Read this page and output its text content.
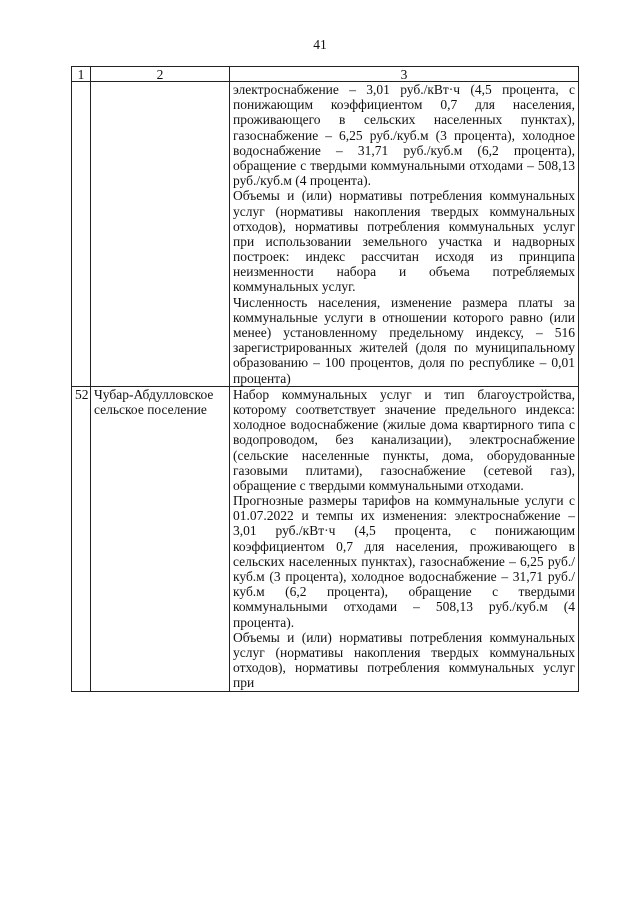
41
1	2	3

		электроснабжение – 3,01 руб./кВт·ч (4,5 процента, с понижающим коэффициентом 0,7 для населения, проживающего в сельских населенных пунктах), газоснабжение – 6,25 руб./куб.м (3 процента), холодное водоснабжение – 31,71 руб./куб.м (6,2 процента), обращение с твердыми коммунальными отходами – 508,13 руб./куб.м (4 процента).

Объемы и (или) нормативы потребления коммунальных услуг (нормативы накопления твердых коммунальных отходов), нормативы потребления коммунальных услуг при использовании земельного участка и надворных построек: индекс рассчитан исходя из принципа неизменности набора и объема потребляемых коммунальных услуг.

Численность населения, изменение размера платы за коммунальные услуги в отношении которого равно (или менее) установленному предельному индексу, – 516 зарегистрированных жителей (доля по муниципальному образованию – 100 процентов, доля по республике – 0,01 процента)

52	Чубар-Абдулловское сельское поселение	Набор коммунальных услуг и тип благоустройства, которому соответствует значение предельного индекса: холодное водоснабжение (жилые дома квартирного типа с водопроводом, без канализации), электроснабжение (сельские населенные пункты, дома, оборудованные газовыми плитами), газоснабжение (сетевой газ), обращение с твердыми коммунальными отходами.

Прогнозные размеры тарифов на коммунальные услуги с 01.07.2022 и темпы их изменения: электроснабжение – 3,01 руб./кВт·ч (4,5 процента, с понижающим коэффициентом 0,7 для населения, проживающего в сельских населенных пунктах), газоснабжение – 6,25 руб./куб.м (3 процента), холодное водоснабжение – 31,71 руб./куб.м (6,2 процента), обращение с твердыми коммунальными отходами – 508,13 руб./куб.м (4 процента).

Объемы и (или) нормативы потребления коммунальных услуг (нормативы накопления твердых коммунальных отходов), нормативы потребления коммунальных услуг при
